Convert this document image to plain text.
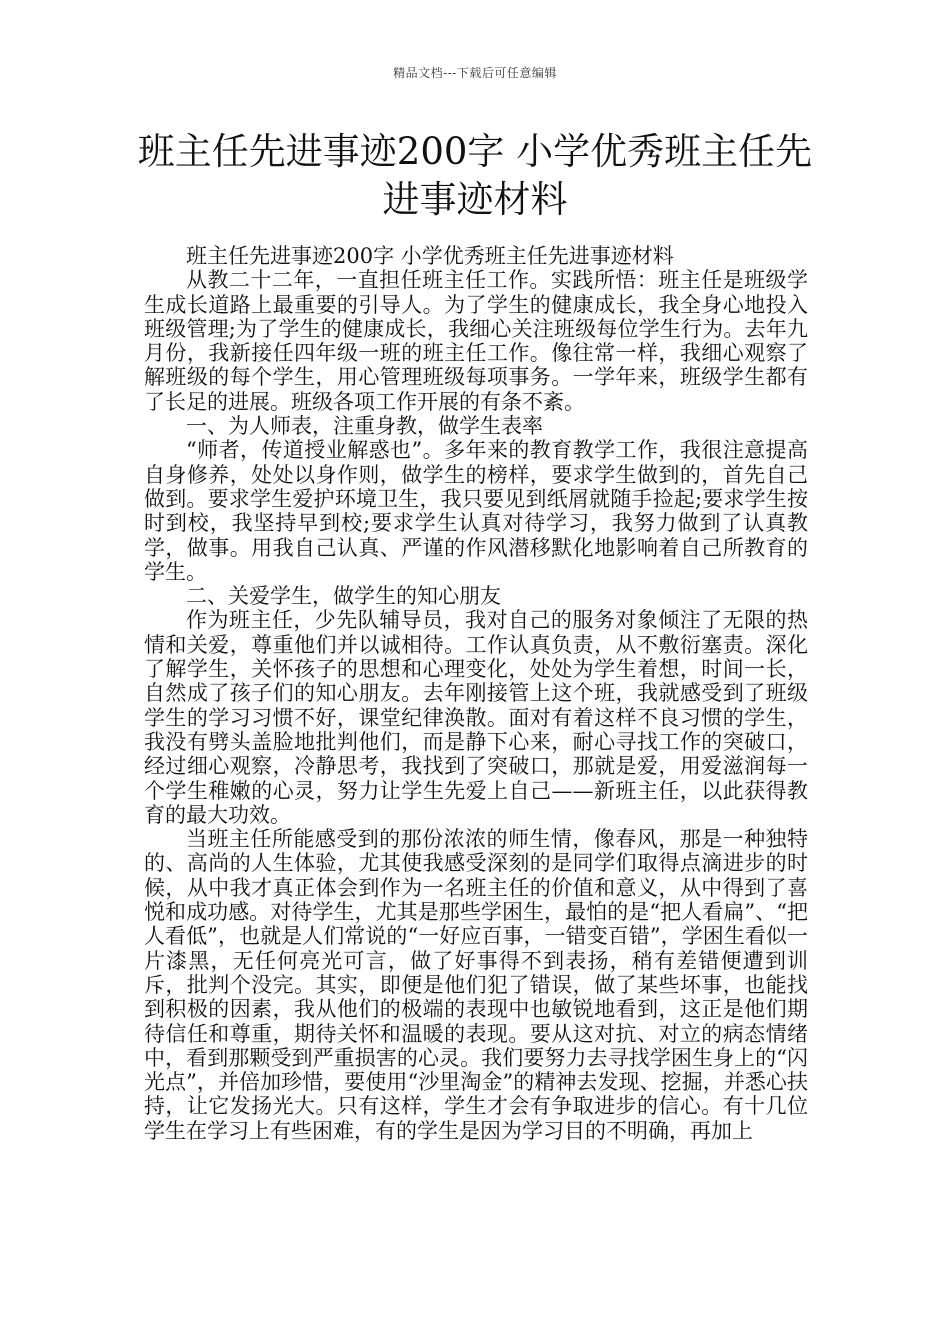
精品文档---下载后可任意编辑
班主任先进事迹200字 小学优秀班主任先进事迹材料

班主任先进事迹200字 小学优秀班主任先进事迹材料

从教二十二年，一直担任班主任工作。实践所悟：班主任是班级学生成长道路上最重要的引导人。为了学生的健康成长，我全身心地投入班级管理;为了学生的健康成长，我细心关注班级每位学生行为。去年九月份，我新接任四年级一班的班主任工作。像往常一样，我细心观察了解班级的每个学生，用心管理班级每项事务。一学年来，班级学生都有了长足的进展。班级各项工作开展的有条不紊。

一、为人师表，注重身教，做学生表率

“师者，传道授业解惑也”。多年来的教育教学工作，我很注意提高自身修养，处处以身作则，做学生的榜样，要求学生做到的，首先自己做到。要求学生爱护环境卫生，我只要见到纸屑就随手捡起;要求学生按时到校，我坚持早到校;要求学生认真对待学习，我努力做到了认真教学，做事。用我自己认真、严谨的作风潜移默化地影响着自己所教育的学生。

二、关爱学生，做学生的知心朋友

作为班主任，少先队辅导员，我对自己的服务对象倾注了无限的热情和关爱，尊重他们并以诚相待。工作认真负责，从不敷衍塞责。深化了解学生，关怀孩子的思想和心理变化，处处为学生着想，时间一长，自然成了孩子们的知心朋友。去年刚接管上这个班，我就感受到了班级学生的学习习惯不好，课堂纪律涣散。面对有着这样不良习惯的学生，我没有劈头盖脸地批判他们，而是静下心来，耐心寻找工作的突破口，经过细心观察，冷静思考，我找到了突破口，那就是爱，用爱滋润每一个学生稚嫩的心灵，努力让学生先爱上自己——新班主任，以此获得教育的最大功效。

当班主任所能感受到的那份浓浓的师生情，像春风，那是一种独特的、高尚的人生体验，尤其使我感受深刻的是同学们取得点滴进步的时候，从中我才真正体会到作为一名班主任的价值和意义，从中得到了喜悦和成功感。对待学生，尤其是那些学困生，最怕的是“把人看扁”、“把人看低”，也就是人们常说的“一好应百事，一错变百错”，学困生看似一片漆黑，无任何亮光可言，做了好事得不到表扬，稍有差错便遭到训斥，批判个没完。其实，即便是他们犯了错误，做了某些坏事，也能找到积极的因素，我从他们的极端的表现中也敏锐地看到，这正是他们期待信任和尊重，期待关怀和温暖的表现。要从这对抗、对立的病态情绪中，看到那颗受到严重损害的心灵。我们要努力去寻找学困生身上的“闪光点”，并倍加珍惜，要使用“沙里淘金”的精神去发现、挖掘，并悉心扶持，让它发扬光大。只有这样，学生才会有争取进步的信心。有十几位学生在学习上有些困难，有的学生是因为学习目的不明确，再加上
